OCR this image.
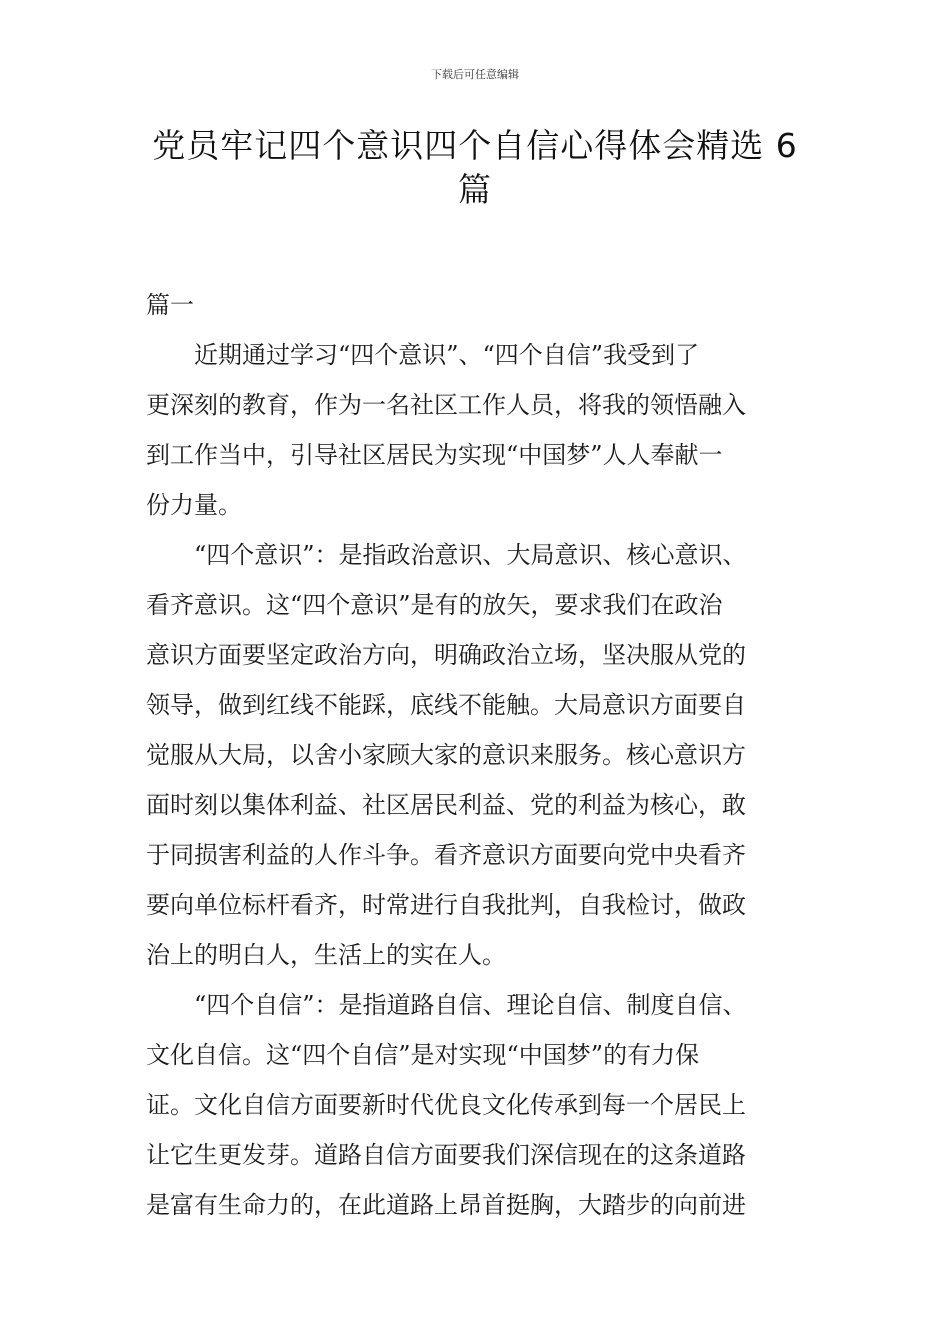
下载后可任意编辑
党员牢记四个意识四个自信心得体会精选 6
篇
篇一
　　近期通过学习“四个意识”、“四个自信”我受到了
更深刻的教育，作为一名社区工作人员，将我的领悟融入
到工作当中，引导社区居民为实现“中国梦”人人奉献一
份力量。
　　“四个意识”：是指政治意识、大局意识、核心意识、
看齐意识。这“四个意识”是有的放矢，要求我们在政治
意识方面要坚定政治方向，明确政治立场，坚决服从党的
领导，做到红线不能踩，底线不能触。大局意识方面要自
觉服从大局，以舍小家顾大家的意识来服务。核心意识方
面时刻以集体利益、社区居民利益、党的利益为核心，敢
于同损害利益的人作斗争。看齐意识方面要向党中央看齐
要向单位标杆看齐，时常进行自我批判，自我检讨，做政
治上的明白人，生活上的实在人。
　　“四个自信”：是指道路自信、理论自信、制度自信、
文化自信。这“四个自信”是对实现“中国梦”的有力保
证。文化自信方面要新时代优良文化传承到每一个居民上
让它生更发芽。道路自信方面要我们深信现在的这条道路
是富有生命力的，在此道路上昂首挺胸，大踏步的向前进
